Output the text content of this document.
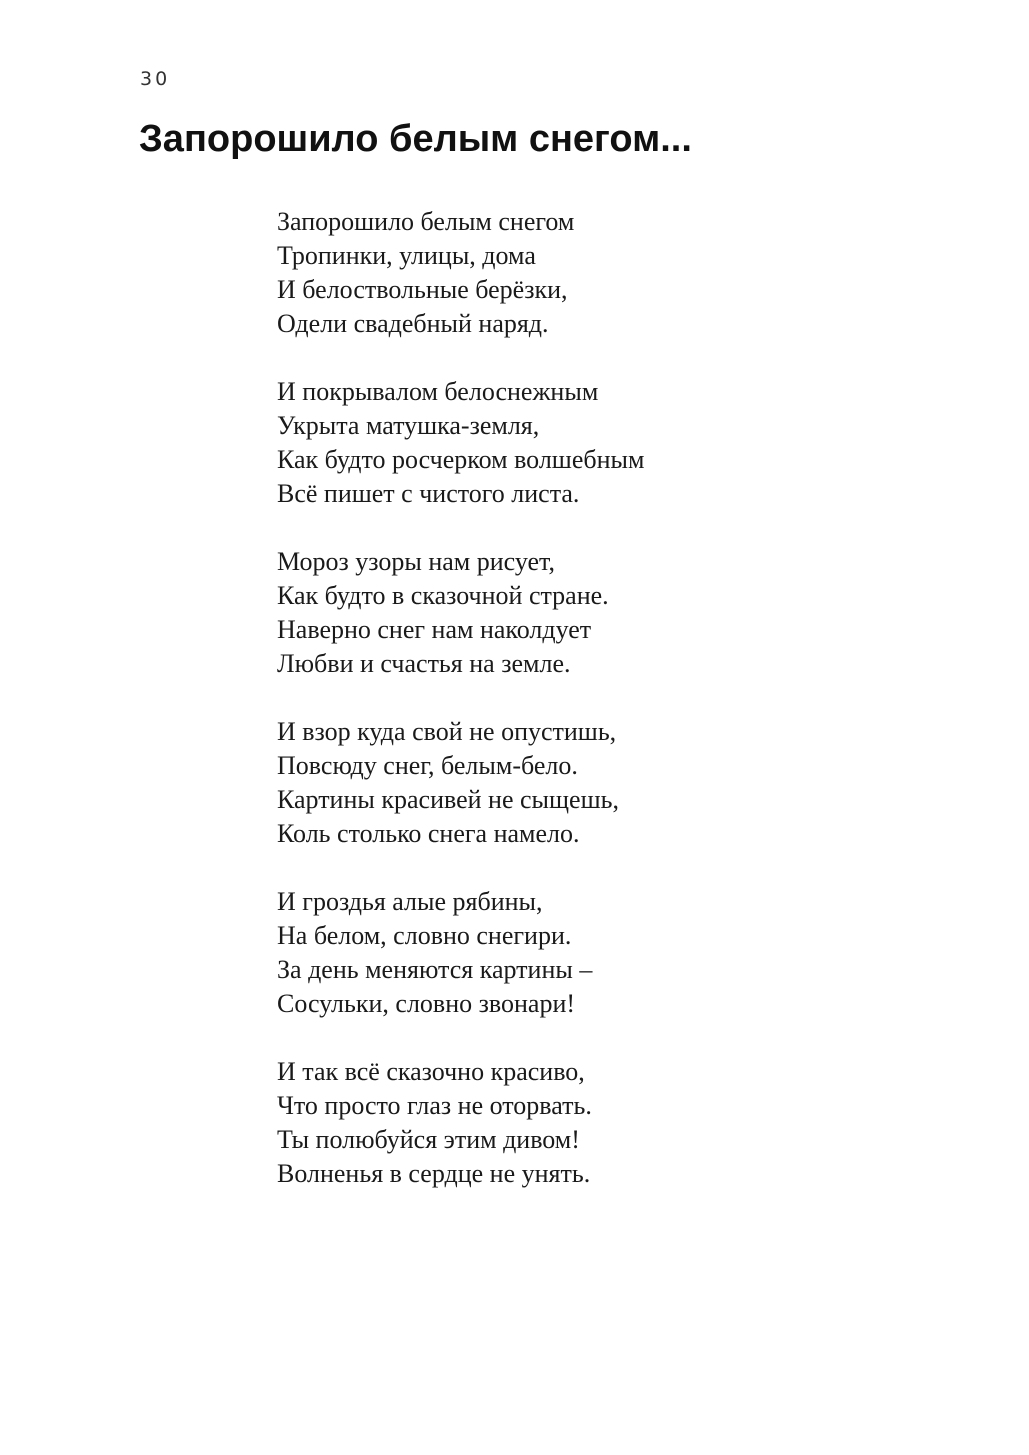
30
Запорошило белым снегом...
Запорошило белым снегом
Тропинки, улицы, дома
И белоствольные берёзки,
Одели свадебный наряд.
И покрывалом белоснежным
Укрыта матушка-земля,
Как будто росчерком волшебным
Всё пишет с чистого листа.
Мороз узоры нам рисует,
Как будто в сказочной стране.
Наверно снег нам наколдует
Любви и счастья на земле.
И взор куда свой не опустишь,
Повсюду снег, белым-бело.
Картины красивей не сыщешь,
Коль столько снега намело.
И гроздья алые рябины,
На белом, словно снегири.
За день меняются картины –
Сосульки, словно звонари!
И так всё сказочно красиво,
Что просто глаз не оторвать.
Ты полюбуйся этим дивом!
Волненья в сердце не унять.
